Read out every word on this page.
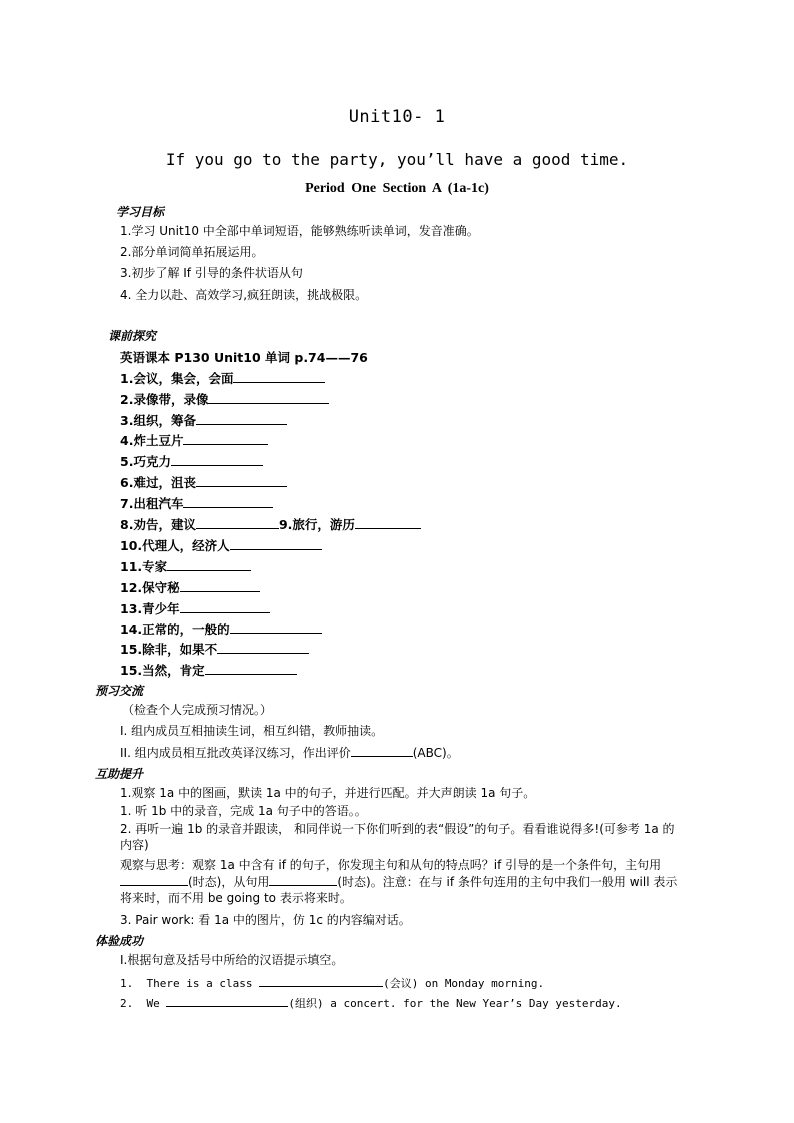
Unit10- 1
If you go to the party, you’ll have a good time.
Period One Section A (1a-1c)
学习目标
1.学习 Unit10 中全部中单词短语，能够熟练听读单词，发音准确。
2.部分单词简单拓展运用。
3.初步了解 If 引导的条件状语从句
4. 全力以赴、高效学习,疯狂朗读，挑战极限。
课前探究
英语课本 P130 Unit10 单词 p.74——76
1.会议，集会，会面
2.录像带，录像
3.组织，筹备
4.炸土豆片
5.巧克力
6.难过，沮丧
7.出租汽车
8.劝告，建议	9.旅行，游历
10.代理人，经济人
11.专家
12.保守秘
13.青少年
14.正常的，一般的
15.除非，如果不
15.当然，肯定
预习交流
（检查个人完成预习情况。）
I. 组内成员互相抽读生词，相互纠错，教师抽读。
II. 组内成员相互批改英译汉练习，作出评价	(ABC)。
互助提升
1.观察 1a 中的图画，默读 1a 中的句子，并进行匹配。并大声朗读 1a 句子。
1. 听 1b 中的录音，完成 1a 句子中的答语。。
2. 再听一遍 1b 的录音并跟读， 和同伴说一下你们听到的表“假设”的句子。看看谁说得多!(可参考 1a 的内容)
观察与思考：观察 1a 中含有 if 的句子，你发现主句和从句的特点吗？if 引导的是一个条件句，主句用(时态)，从句用	(时态)。注意：在与 if 条件句连用的主句中我们一般用 will 表示将来时，而不用 be going to 表示将来时。
3. Pair work: 看 1a 中的图片，仿 1c 的内容编对话。
体验成功
I.根据句意及括号中所给的汉语提示填空。
1.  There is a class	(会议) on Monday morning.
2.  We	(组织) a concert. for the New Year’s Day yesterday.
